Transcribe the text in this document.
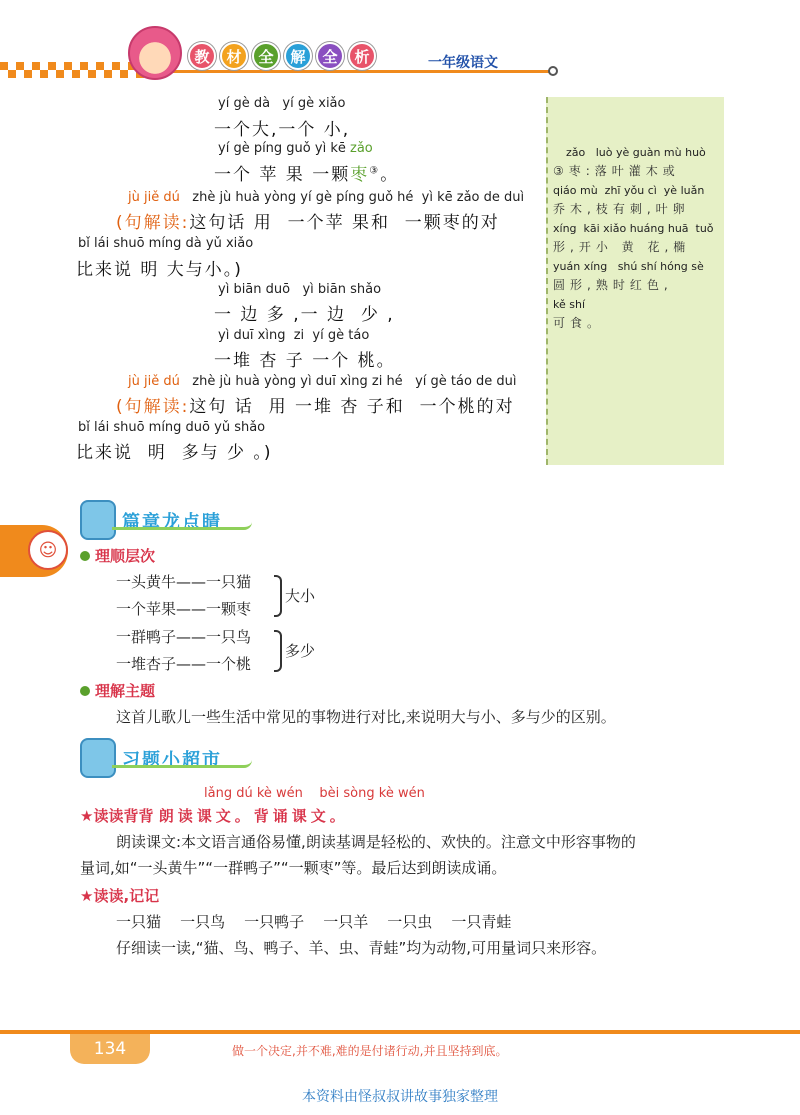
教	材	全	解	全	析	一年级语文
yí gè dà   yí gè xiǎo
一个大,一个 小,
yí gè píng guǒ yì kē zǎo
一个 苹 果 一颗枣③。
jù jiě dú zhè jù huà yòng yí gè píng guǒ hé  yì kē zǎo de duì
(句解读:这句话 用  一个苹 果和  一颗枣的对
bǐ lái shuō míng dà yǔ xiǎo
比来说 明 大与小。)
yì biān duō   yì biān shǎo
一 边 多 ,一 边  少 ,
yì duī xìng  zi  yí gè táo
一堆 杏 子 一个 桃。
jù jiě dú zhè jù huà yòng yì duī xìng zi hé   yí gè táo de duì
(句解读:这句 话  用 一堆 杏 子和  一个桃的对
bǐ lái shuō míng duō yǔ shǎo
比来说  明  多与 少 。)
zǎo   luò yè guàn mù huò
③枣:落叶灌木或
qiáo mù  zhī yǒu cì  yè luǎn
乔木,枝有刺,叶卵
xíng  kāi xiǎo huáng huā  tuǒ
形,开小 黄 花,椭
yuán xíng   shú shí hóng sè
圆形,熟时红色,
kě shí
可食。
篇章龙点睛
☺	理顺层次
一头黄牛——一只猫
一个苹果——一颗枣
大小
一群鸭子——一只鸟
一堆杏子——一个桃
多少
理解主题
这首儿歌儿一些生活中常见的事物进行对比,来说明大与小、多与少的区别。
习题小超市
lǎng dú kè wén    bèi sòng kè wén
★读读背背 朗读课文。背诵课文。
朗读课文:本文语言通俗易懂,朗读基调是轻松的、欢快的。注意文中形容事物的
量词,如“一头黄牛”“一群鸭子”“一颗枣”等。最后达到朗读成诵。
★读读,记记
一只猫    一只鸟    一只鸭子    一只羊    一只虫    一只青蛙
仔细读一读,“猫、鸟、鸭子、羊、虫、青蛙”均为动物,可用量词只来形容。
134	做一个决定,并不难,难的是付诸行动,并且坚持到底。
本资料由怪叔叔讲故事独家整理
